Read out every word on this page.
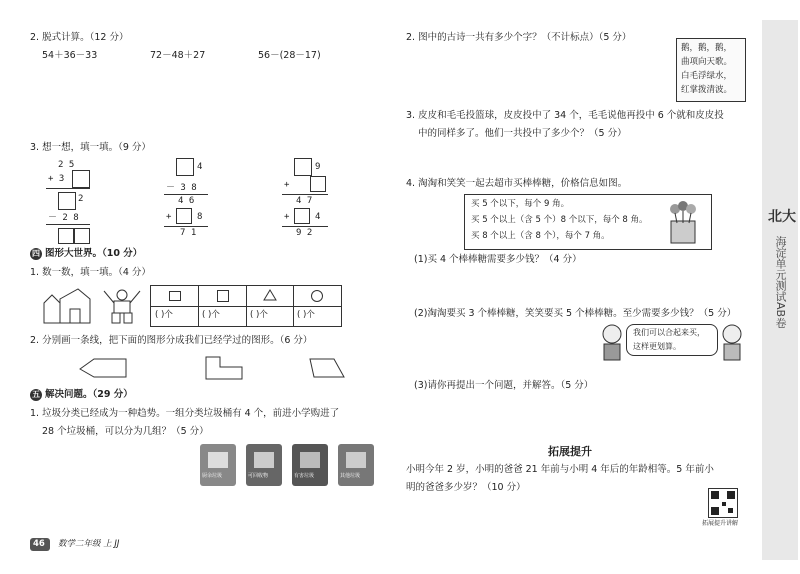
2. 脱式计算。（12 分）
54＋36－33	72－48＋27	56－(28－17)
3. 想一想，填一填。（9 分）
2 5
+ 3
2
－ 2 8
4
－ 3 8
4 6
+	8
7 1
9
+
4 7
+	4
9 2
四 图形大世界。（10 分）
1. 数一数，填一填。（4 分）
( )个	( )个	( )个	( )个
2. 分别画一条线，把下面的图形分成我们已经学过的图形。（6 分）
五 解决问题。（29 分）
1. 垃圾分类已经成为一种趋势。一组分类垃圾桶有 4 个，前进小学购进了
28 个垃圾桶，可以分为几组？（5 分）
厨余垃圾	可回收物	有害垃圾	其他垃圾
46 数学二年级 上 JJ
2. 图中的古诗一共有多少个字？（不计标点）（5 分）
鹅，鹅，鹅，
曲项向天歌。
白毛浮绿水，
红掌拨清波。
3. 皮皮和毛毛投篮球，皮皮投中了 34 个，毛毛说他再投中 6 个就和皮皮投
中的同样多了。他们一共投中了多少个？（5 分）
4. 淘淘和笑笑一起去超市买棒棒糖，价格信息如图。
买 5 个以下，每个 9 角。
买 5 个以上（含 5 个）8 个以下，每个 8 角。
买 8 个以上（含 8 个），每个 7 角。
(1)买 4 个棒棒糖需要多少钱？（4 分）
(2)淘淘要买 3 个棒棒糖，笑笑要买 5 个棒棒糖。至少需要多少钱？（5 分）
我们可以合起来买，
这样更划算。
(3)请你再提出一个问题，并解答。（5 分）
拓展提升
小明今年 2 岁，小明的爸爸 21 年前与小明 4 年后的年龄相等。5 年前小
明的爸爸多少岁？（10 分）
拓展提升讲解
北大
海淀单元测试AB卷
